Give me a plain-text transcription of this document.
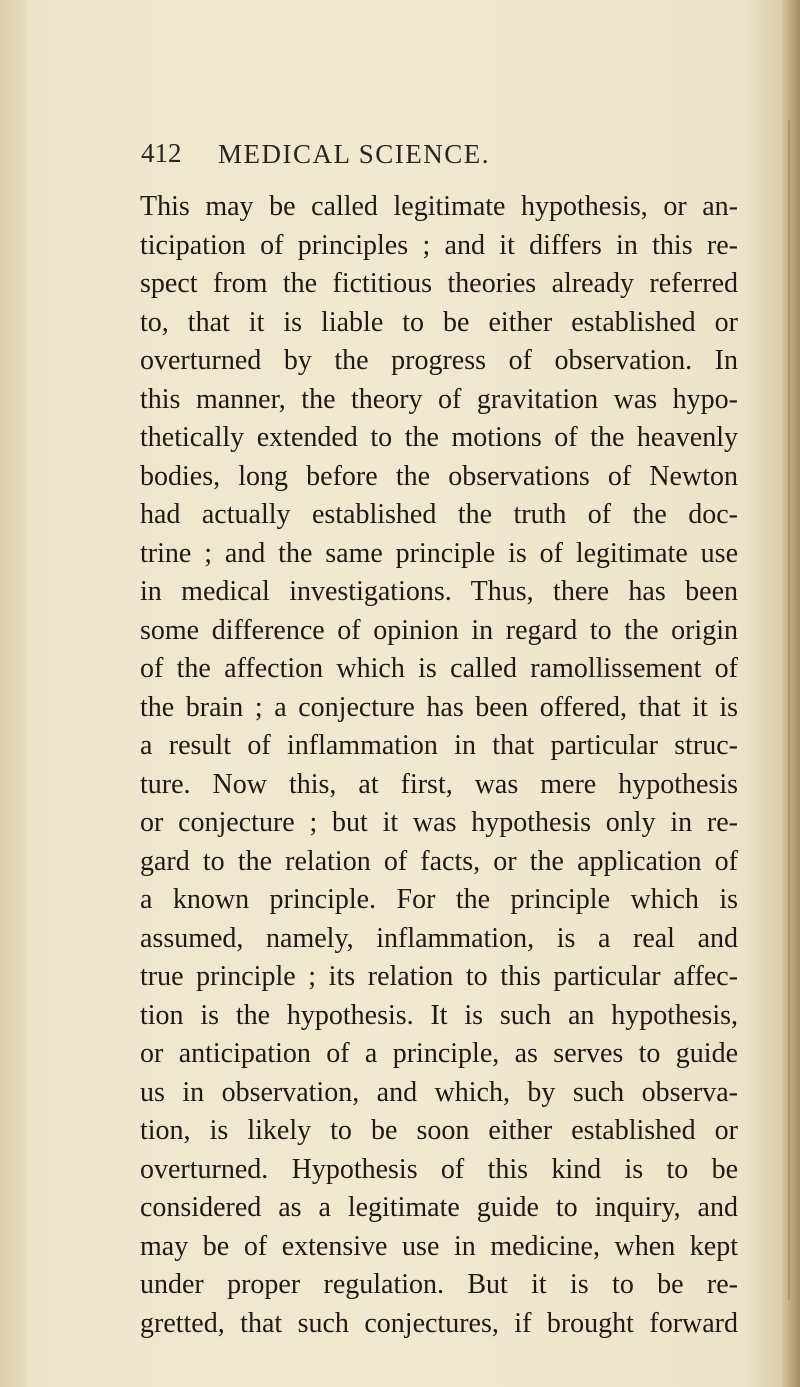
412 MEDICAL SCIENCE.
This may be called legitimate hypothesis, or an-
ticipation of principles ; and it differs in this re-
spect from the fictitious theories already referred
to, that it is liable to be either established or
overturned by the progress of observation. In
this manner, the theory of gravitation was hypo-
thetically extended to the motions of the heavenly
bodies, long before the observations of Newton
had actually established the truth of the doc-
trine ; and the same principle is of legitimate use
in medical investigations. Thus, there has been
some difference of opinion in regard to the origin
of the affection which is called ramollissement of
the brain ; a conjecture has been offered, that it is
a result of inflammation in that particular struc-
ture. Now this, at first, was mere hypothesis
or conjecture ; but it was hypothesis only in re-
gard to the relation of facts, or the application of
a known principle. For the principle which is
assumed, namely, inflammation, is a real and
true principle ; its relation to this particular affec-
tion is the hypothesis. It is such an hypothesis,
or anticipation of a principle, as serves to guide
us in observation, and which, by such observa-
tion, is likely to be soon either established or
overturned. Hypothesis of this kind is to be
considered as a legitimate guide to inquiry, and
may be of extensive use in medicine, when kept
under proper regulation. But it is to be re-
gretted, that such conjectures, if brought forward
